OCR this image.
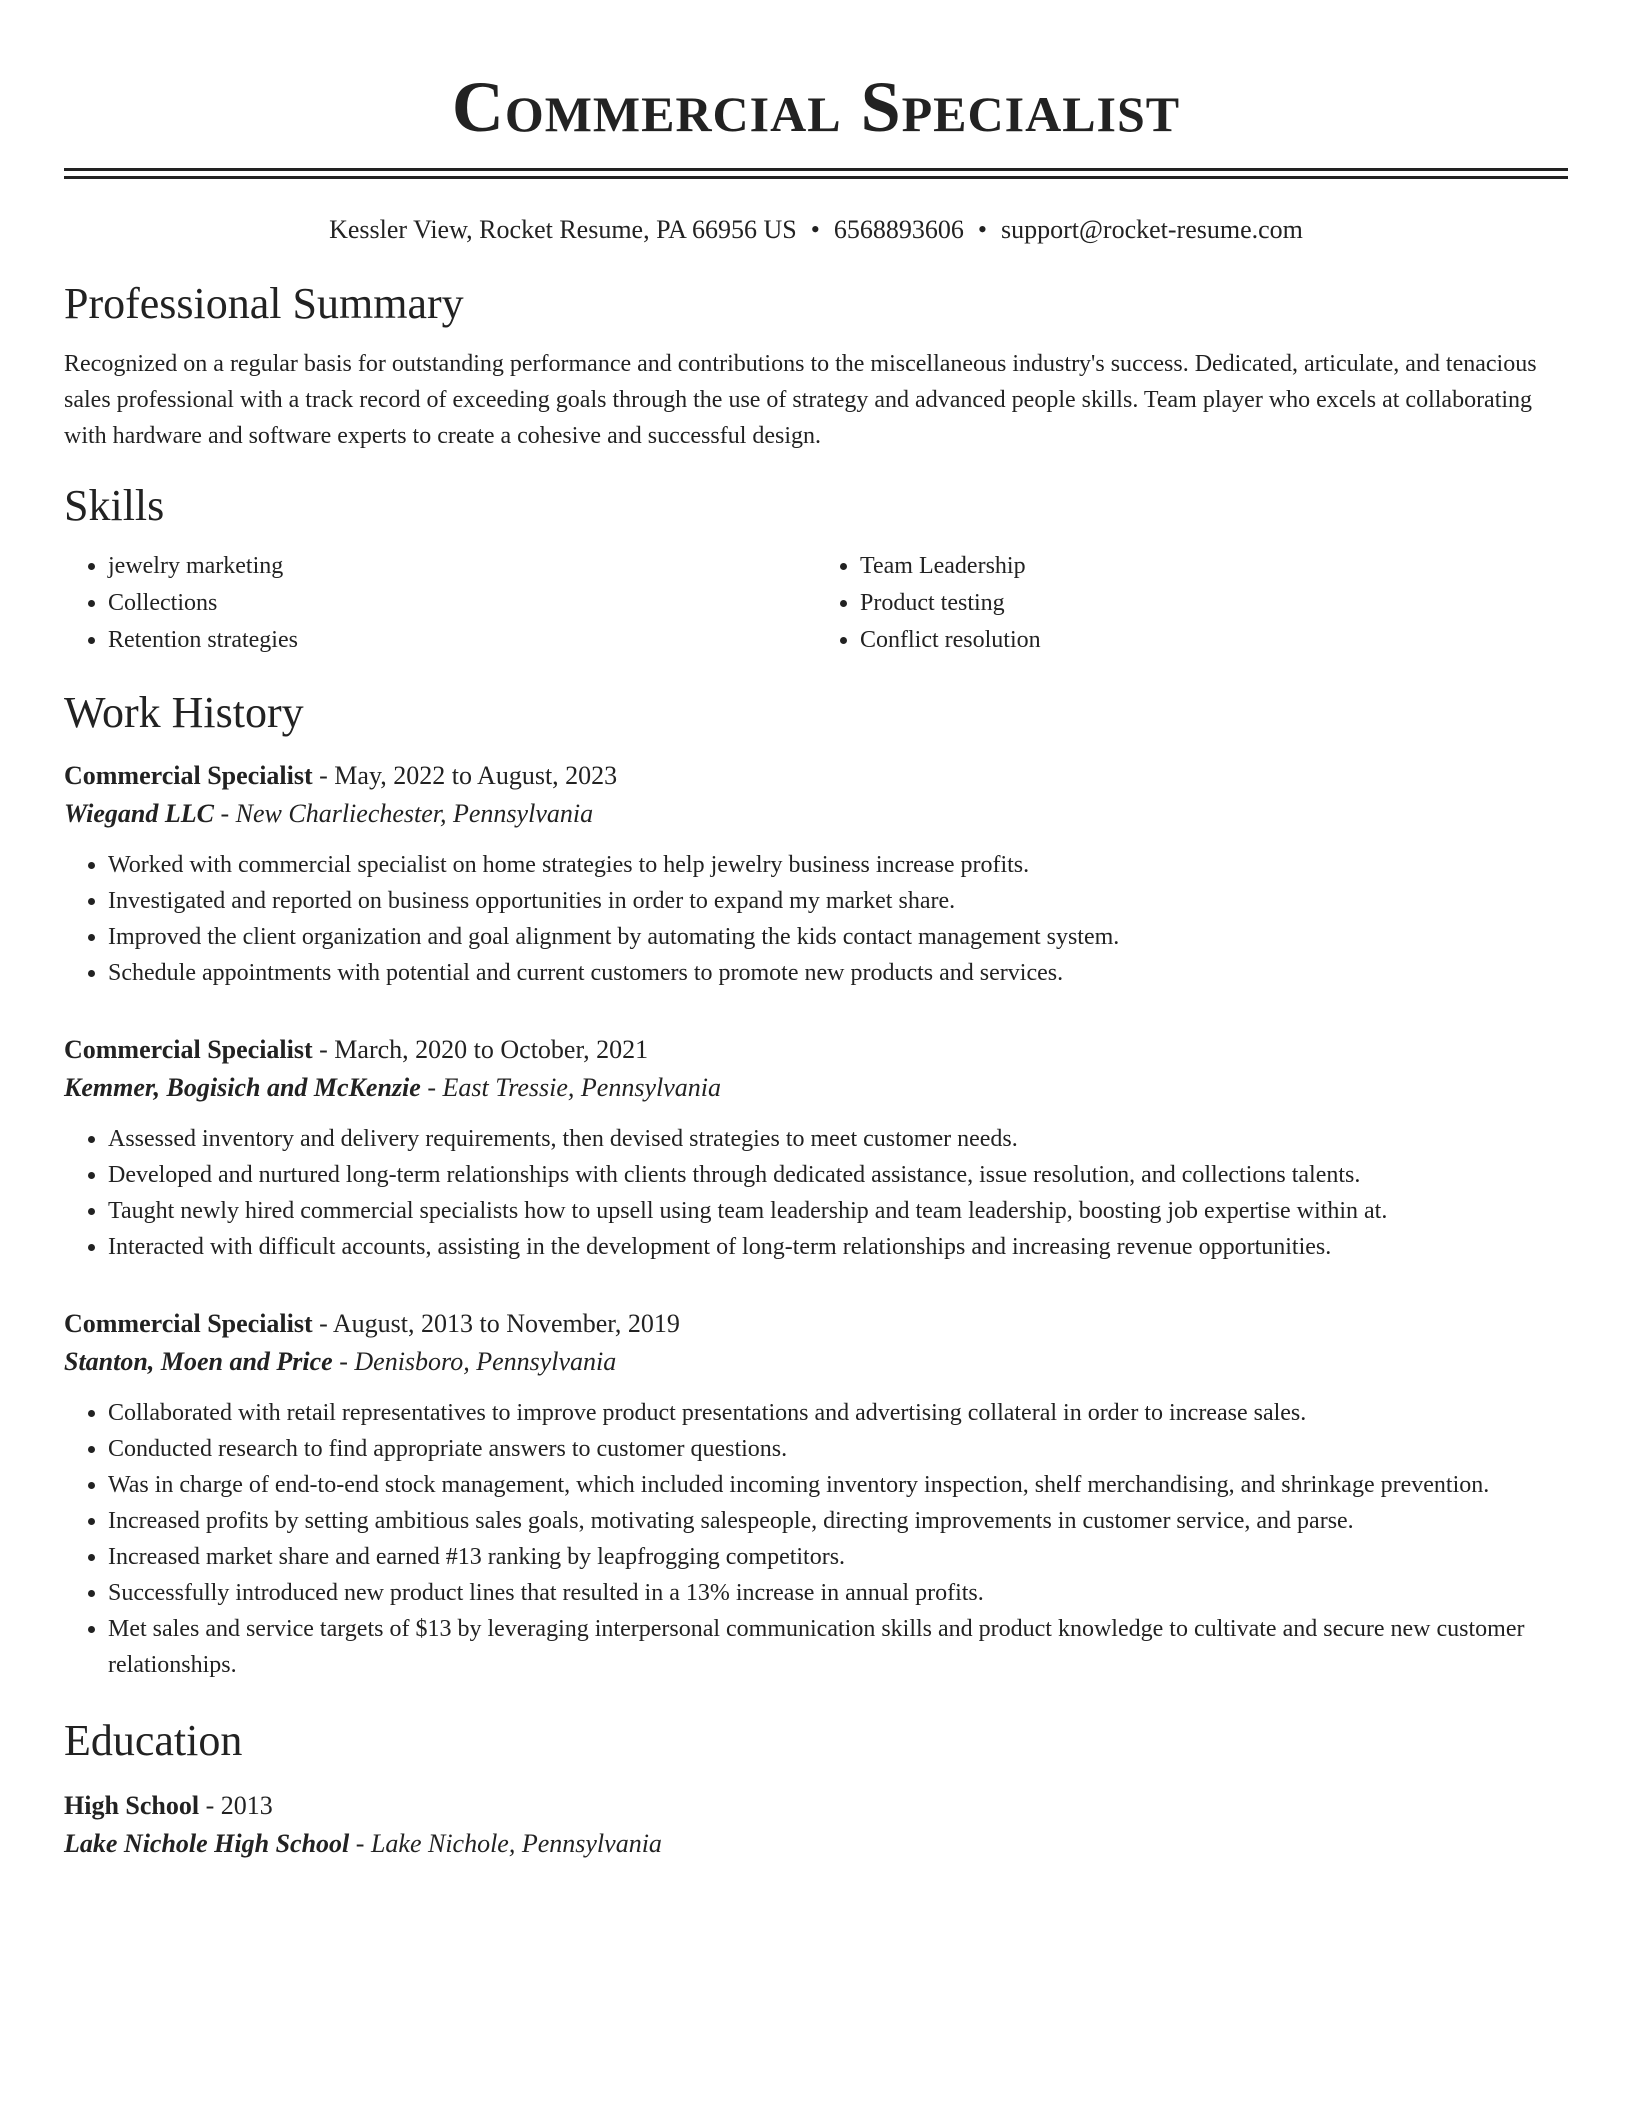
Commercial Specialist
Kessler View, Rocket Resume, PA 66956 US • 6568893606 • support@rocket-resume.com
Professional Summary
Recognized on a regular basis for outstanding performance and contributions to the miscellaneous industry's success. Dedicated, articulate, and tenacious sales professional with a track record of exceeding goals through the use of strategy and advanced people skills. Team player who excels at collaborating with hardware and software experts to create a cohesive and successful design.
Skills
• jewelry marketing
• Collections
• Retention strategies
• Team Leadership
• Product testing
• Conflict resolution
Work History
Commercial Specialist - May, 2022 to August, 2023
Wiegand LLC - New Charliechester, Pennsylvania
• Worked with commercial specialist on home strategies to help jewelry business increase profits.
• Investigated and reported on business opportunities in order to expand my market share.
• Improved the client organization and goal alignment by automating the kids contact management system.
• Schedule appointments with potential and current customers to promote new products and services.
Commercial Specialist - March, 2020 to October, 2021
Kemmer, Bogisich and McKenzie - East Tressie, Pennsylvania
• Assessed inventory and delivery requirements, then devised strategies to meet customer needs.
• Developed and nurtured long-term relationships with clients through dedicated assistance, issue resolution, and collections talents.
• Taught newly hired commercial specialists how to upsell using team leadership and team leadership, boosting job expertise within at.
• Interacted with difficult accounts, assisting in the development of long-term relationships and increasing revenue opportunities.
Commercial Specialist - August, 2013 to November, 2019
Stanton, Moen and Price - Denisboro, Pennsylvania
• Collaborated with retail representatives to improve product presentations and advertising collateral in order to increase sales.
• Conducted research to find appropriate answers to customer questions.
• Was in charge of end-to-end stock management, which included incoming inventory inspection, shelf merchandising, and shrinkage prevention.
• Increased profits by setting ambitious sales goals, motivating salespeople, directing improvements in customer service, and parse.
• Increased market share and earned #13 ranking by leapfrogging competitors.
• Successfully introduced new product lines that resulted in a 13% increase in annual profits.
• Met sales and service targets of $13 by leveraging interpersonal communication skills and product knowledge to cultivate and secure new customer relationships.
Education
High School - 2013
Lake Nichole High School - Lake Nichole, Pennsylvania
